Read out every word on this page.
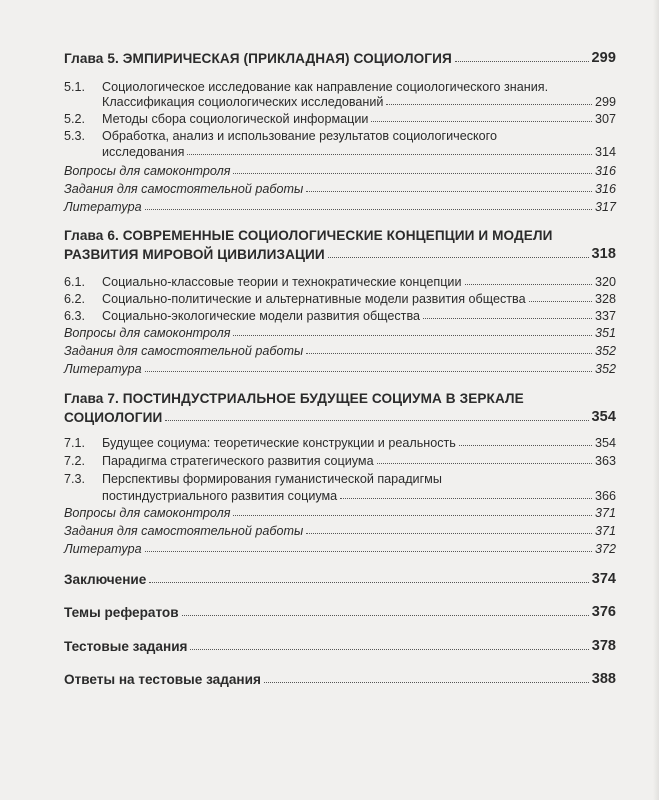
Глава 5. ЭМПИРИЧЕСКАЯ (ПРИКЛАДНАЯ) СОЦИОЛОГИЯ	299
5.1. Социологическое исследование как направление социологического знания.
Классификация социологических исследований	299
5.2. Методы сбора социологической информации	307
5.3. Обработка, анализ и использование результатов социологического
исследования	314
Вопросы для самоконтроля	316
Задания для самостоятельной работы	316
Литература	317
Глава 6. СОВРЕМЕННЫЕ СОЦИОЛОГИЧЕСКИЕ КОНЦЕПЦИИ И МОДЕЛИ
РАЗВИТИЯ МИРОВОЙ ЦИВИЛИЗАЦИИ	318
6.1. Социально-классовые теории и технократические концепции	320
6.2. Социально-политические и альтернативные модели развития общества	328
6.3. Социально-экологические модели развития общества	337
Вопросы для самоконтроля	351
Задания для самостоятельной работы	352
Литература	352
Глава 7. ПОСТИНДУСТРИАЛЬНОЕ БУДУЩЕЕ СОЦИУМА В ЗЕРКАЛЕ
СОЦИОЛОГИИ	354
7.1. Будущее социума: теоретические конструкции и реальность	354
7.2. Парадигма стратегического развития социума	363
7.3. Перспективы формирования гуманистической парадигмы
постиндустриального развития социума	366
Вопросы для самоконтроля	371
Задания для самостоятельной работы	371
Литература	372
Заключение	374
Темы рефератов	376
Тестовые задания	378
Ответы на тестовые задания	388
